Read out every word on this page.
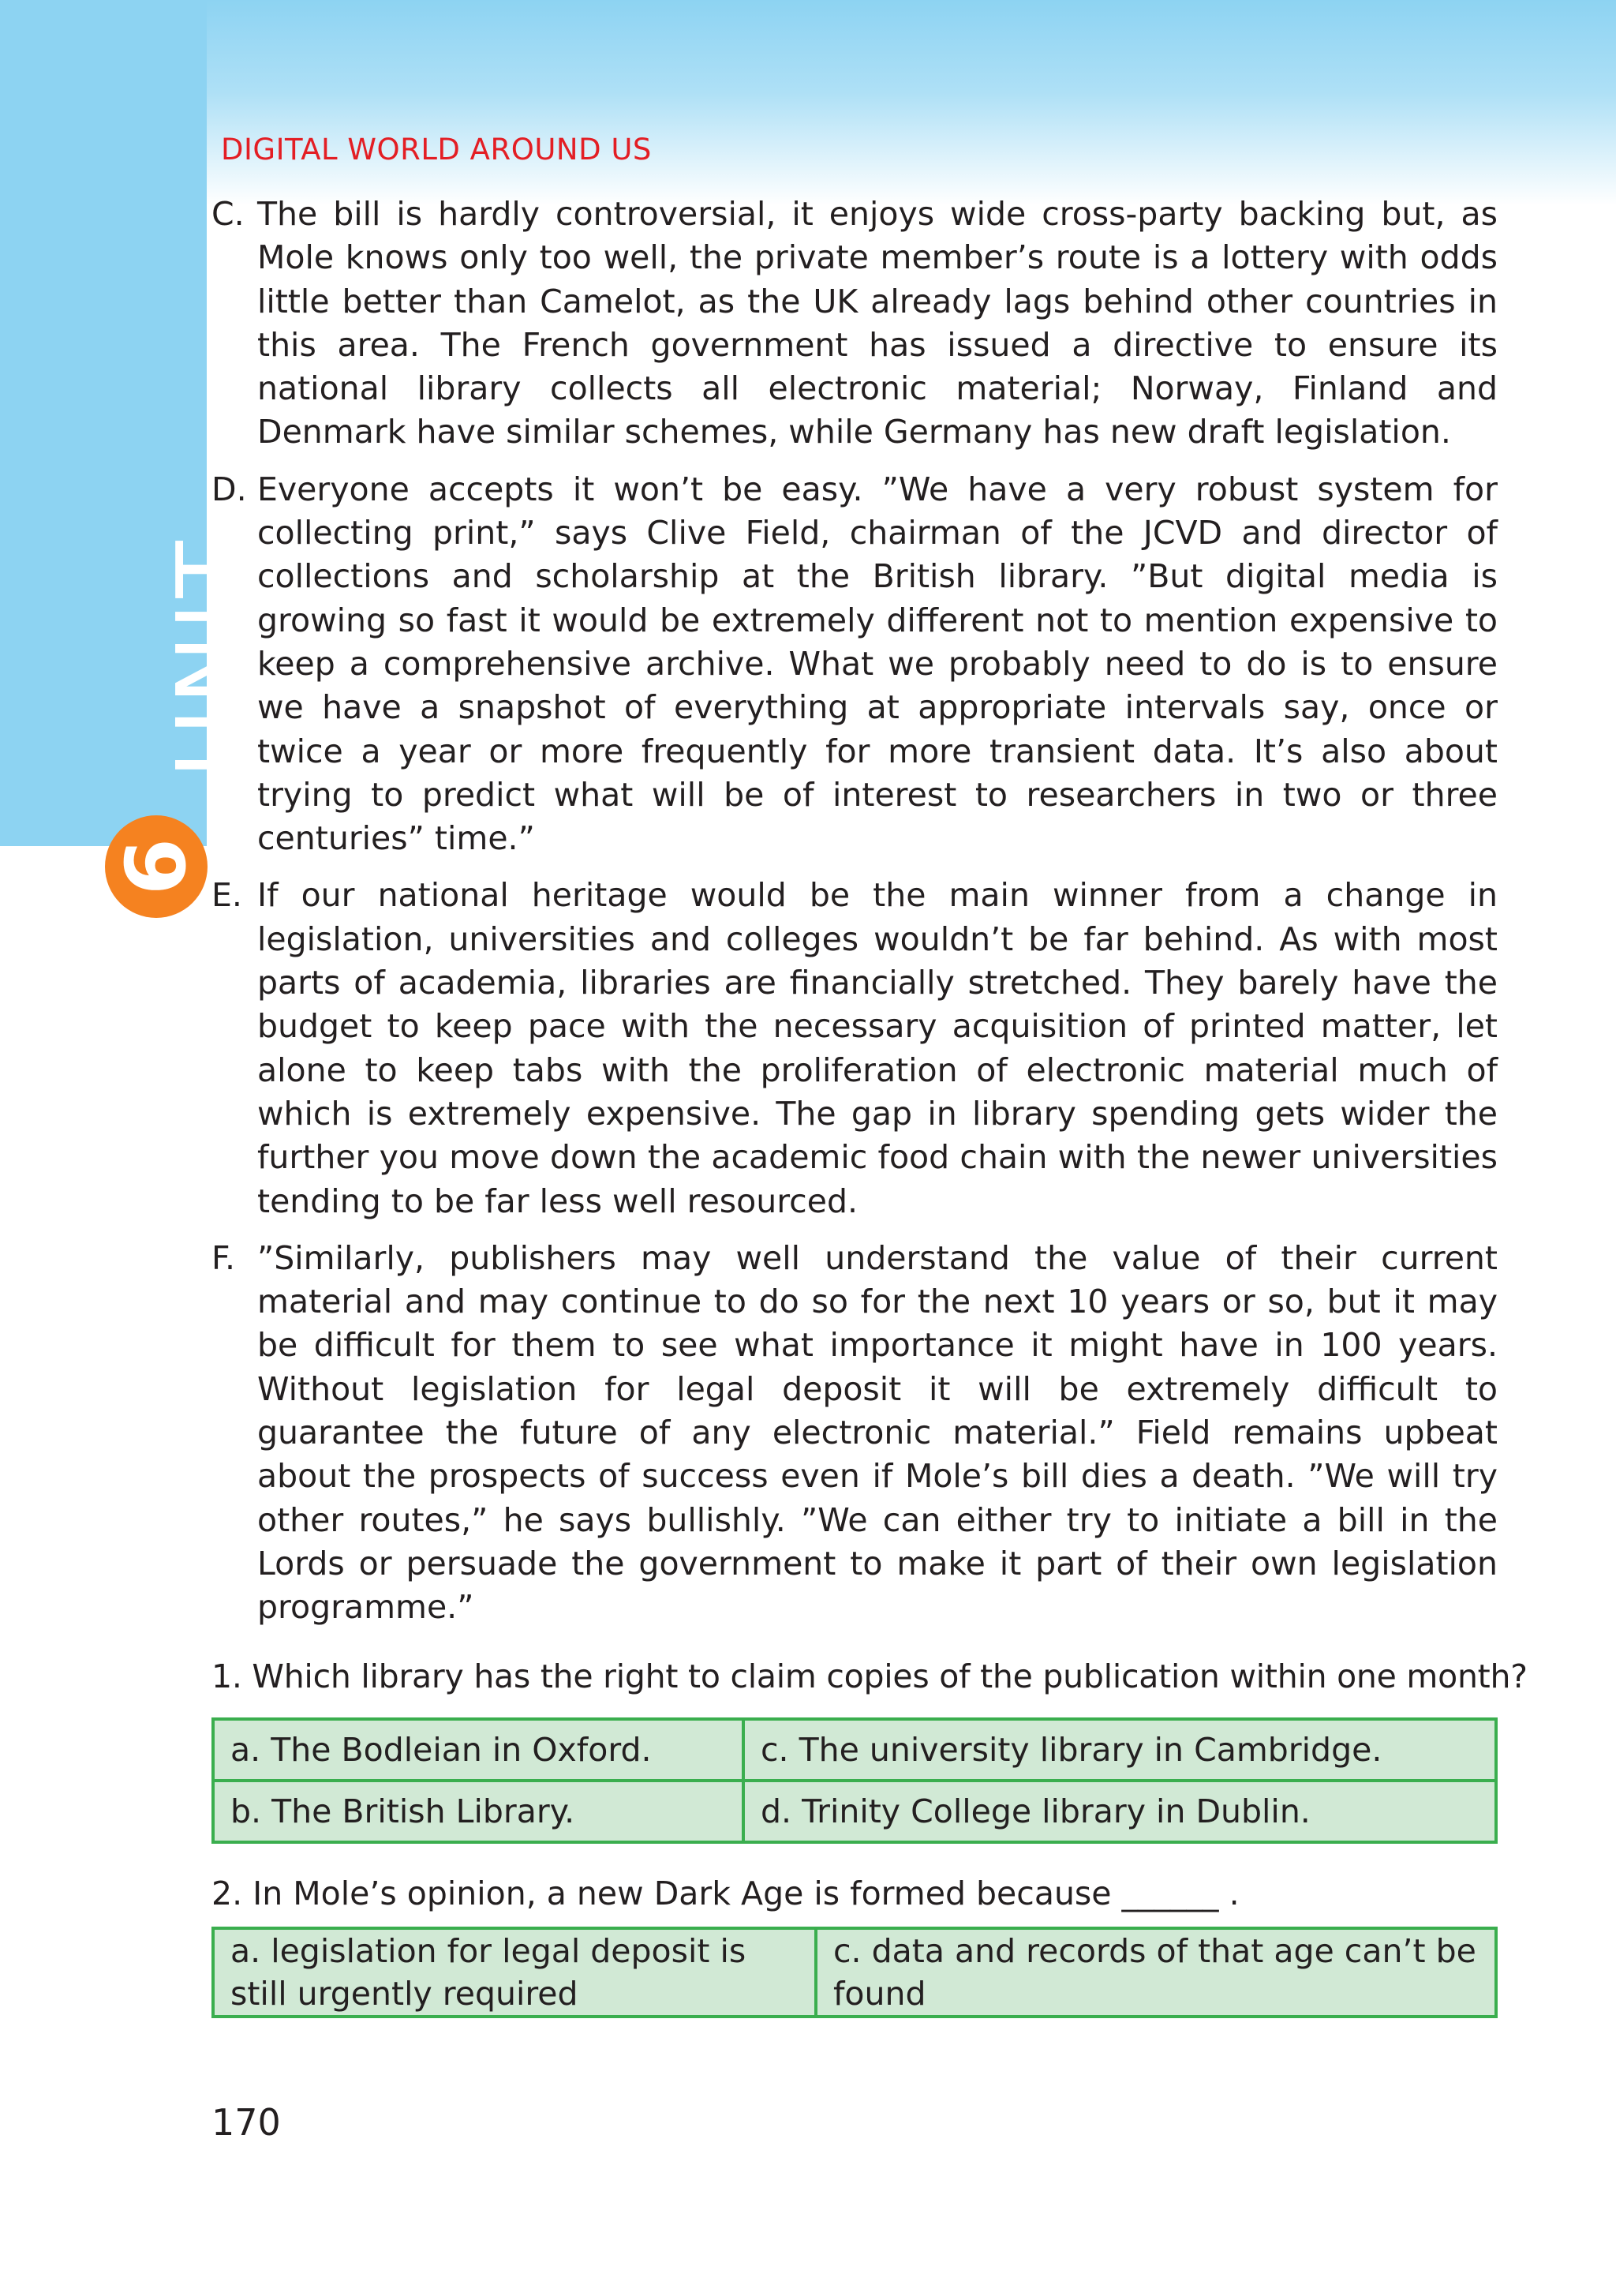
UNIT
6
DIGITAL WORLD AROUND US
C. The bill is hardly controversial, it enjoys wide cross-party backing but, as Mole knows only too well, the private member’s route is a lottery with odds little better than Camelot, as the UK already lags behind other countries in this area. The French government has issued a directive to ensure its national library collects all electronic material; Norway, Finland and Denmark have similar schemes, while Germany has new draft legislation.
D. Everyone accepts it won’t be easy. ”We have a very robust system for collecting print,” says Clive Field, chairman of the JCVD and director of collections and scholarship at the British library. ”But digital media is growing so fast it would be extremely different not to mention expensive to keep a comprehensive archive. What we probably need to do is to ensure we have a snapshot of everything at appropriate intervals say, once or twice a year or more frequently for more transient data. It’s also about trying to predict what will be of interest to researchers in two or three centuries” time.”
E. If our national heritage would be the main winner from a change in legislation, universities and colleges wouldn’t be far behind. As with most parts of academia, libraries are financially stretched. They barely have the budget to keep pace with the necessary acquisition of printed matter, let alone to keep tabs with the proliferation of electronic material much of which is extremely expensive. The gap in library spending gets wider the further you move down the academic food chain with the newer universities tending to be far less well resourced.
F. ”Similarly, publishers may well understand the value of their current material and may continue to do so for the next 10 years or so, but it may be difficult for them to see what importance it might have in 100 years. Without legislation for legal deposit it will be extremely difficult to guarantee the future of any electronic material.” Field remains upbeat about the prospects of success even if Mole’s bill dies a death. ”We will try other routes,” he says bullishly. ”We can either try to initiate a bill in the Lords or persuade the government to make it part of their own legislation programme.”
1. Which library has the right to claim copies of the publication within one month?
a. The Bodleian in Oxford.	c. The university library in Cambridge.
b. The British Library.	d. Trinity College library in Dublin.
2. In Mole’s opinion, a new Dark Age is formed because ______ .
a. legislation for legal deposit is still urgently required	c. data and records of that age can’t be found
170
